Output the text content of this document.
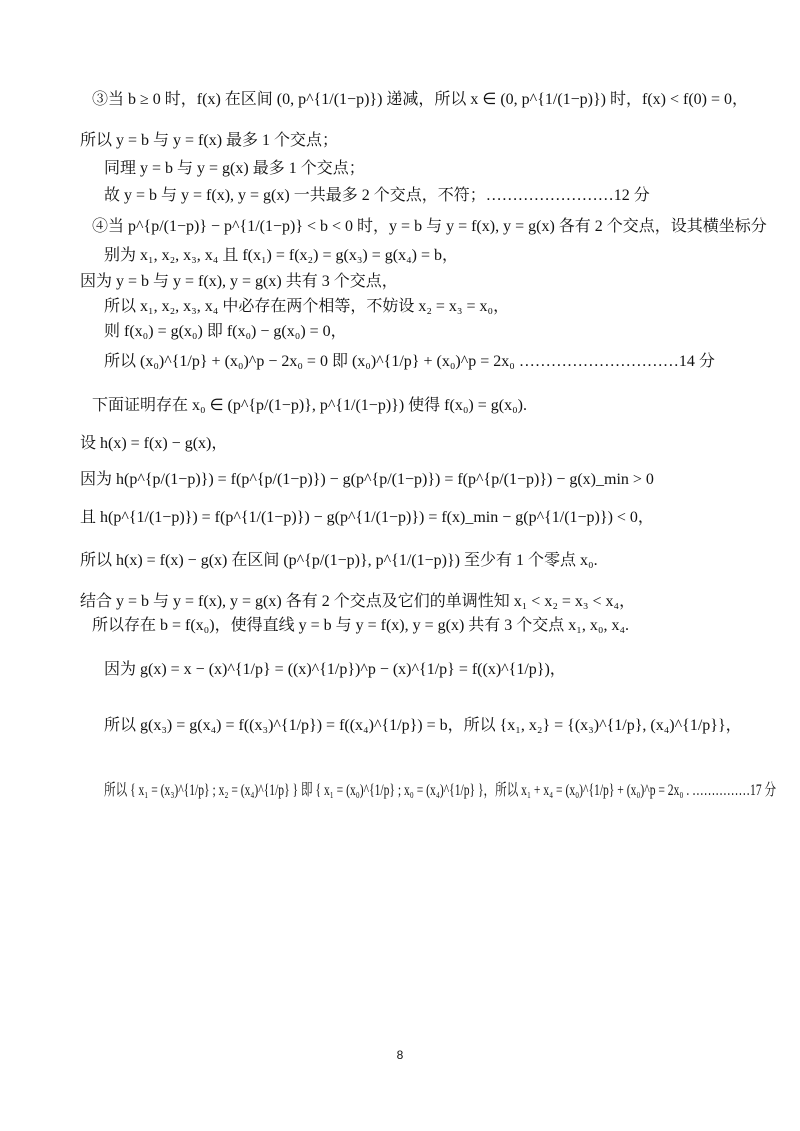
③当 b ≥ 0 时，f(x) 在区间 (0, p^{1/(1−p)}) 递减，所以 x ∈ (0, p^{1/(1−p)}) 时，f(x) < f(0) = 0，
所以 y = b 与 y = f(x) 最多 1 个交点；
同理 y = b 与 y = g(x) 最多 1 个交点；
故 y = b 与 y = f(x), y = g(x) 一共最多 2 个交点，不符；……………………12 分
④当 p^{p/(1−p)} − p^{1/(1−p)} < b < 0 时，y = b 与 y = f(x), y = g(x) 各有 2 个交点，设其横坐标分
别为 x₁, x₂, x₃, x₄ 且 f(x₁) = f(x₂) = g(x₃) = g(x₄) = b，
因为 y = b 与 y = f(x), y = g(x) 共有 3 个交点，
所以 x₁, x₂, x₃, x₄ 中必存在两个相等，不妨设 x₂ = x₃ = x₀，
则 f(x₀) = g(x₀) 即 f(x₀) − g(x₀) = 0，
所以 (x₀)^{1/p} + (x₀)^p − 2x₀ = 0 即 (x₀)^{1/p} + (x₀)^p = 2x₀ …………………………14 分
下面证明存在 x₀ ∈ (p^{p/(1−p)}, p^{1/(1−p)}) 使得 f(x₀) = g(x₀).
设 h(x) = f(x) − g(x)，
因为 h(p^{p/(1−p)}) = f(p^{p/(1−p)}) − g(p^{p/(1−p)}) = f(p^{p/(1−p)}) − g(x)_min > 0
且 h(p^{1/(1−p)}) = f(p^{1/(1−p)}) − g(p^{1/(1−p)}) = f(x)_min − g(p^{1/(1−p)}) < 0，
所以 h(x) = f(x) − g(x) 在区间 (p^{p/(1−p)}, p^{1/(1−p)}) 至少有 1 个零点 x₀.
结合 y = b 与 y = f(x), y = g(x) 各有 2 个交点及它们的单调性知 x₁ < x₂ = x₃ < x₄，
所以存在 b = f(x₀)，使得直线 y = b 与 y = f(x), y = g(x) 共有 3 个交点 x₁, x₀, x₄.
因为 g(x) = x − (x)^{1/p} = ((x)^{1/p})^p − (x)^{1/p} = f((x)^{1/p})，
所以 g(x₃) = g(x₄) = f((x₃)^{1/p}) = f((x₄)^{1/p}) = b，所以 {x₁, x₂} = {(x₃)^{1/p}, (x₄)^{1/p}}，
所以 { x₁ = (x₃)^{1/p} ; x₂ = (x₄)^{1/p} } 即 { x₁ = (x₀)^{1/p} ; x₀ = (x₄)^{1/p} }，所以 x₁ + x₄ = (x₀)^{1/p} + (x₀)^p = 2x₀ . ……………17 分
8
